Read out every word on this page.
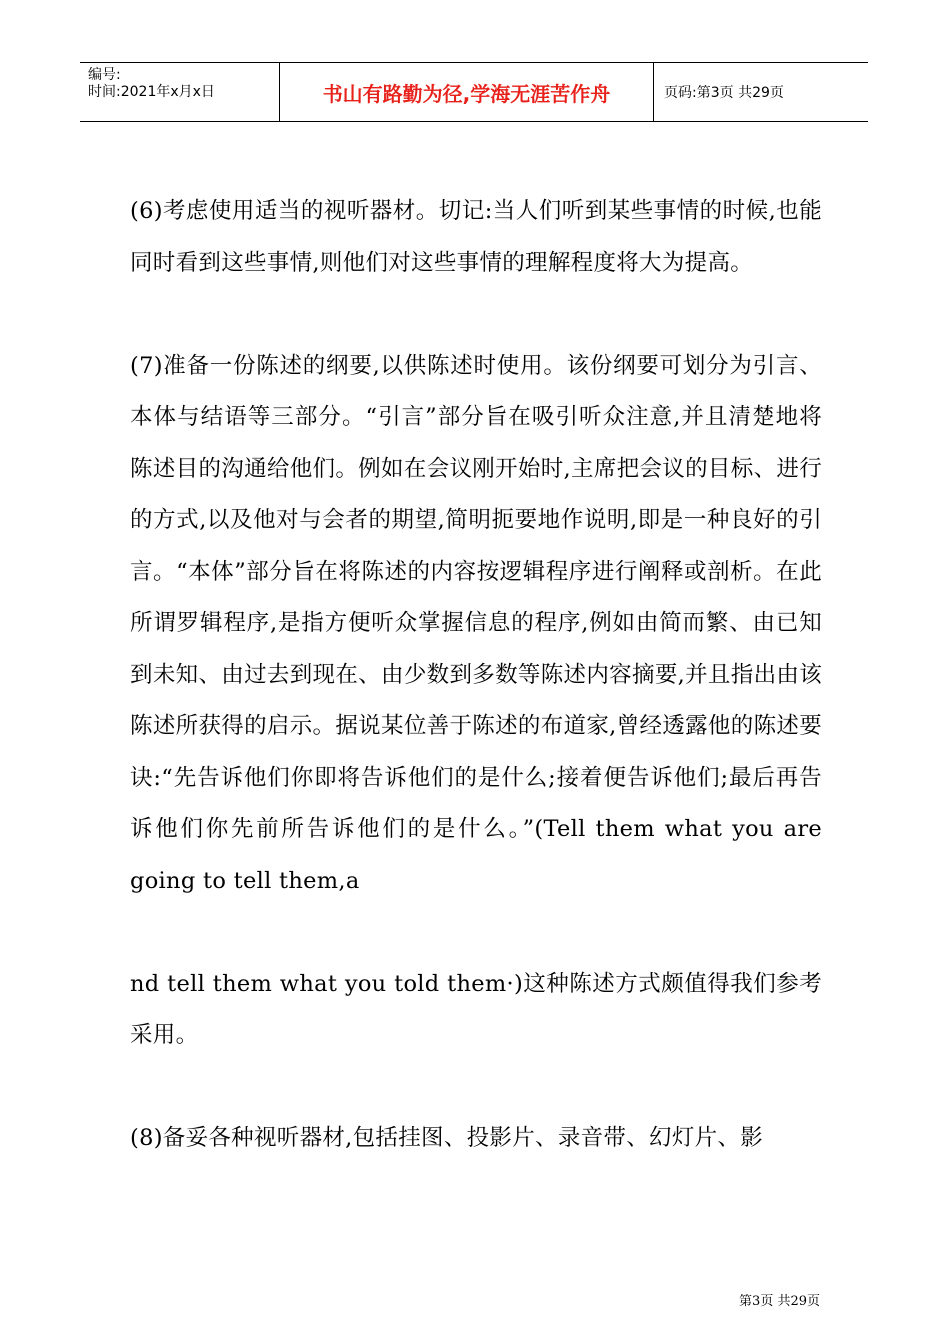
编号:
时间:2021年x月x日	书山有路勤为径,学海无涯苦作舟	页码:第3页 共29页

(6)考虑使用适当的视听器材。切记:当人们听到某些事情的时候,也能同时看到这些事情,则他们对这些事情的理解程度将大为提高。

(7)准备一份陈述的纲要,以供陈述时使用。该份纲要可划分为引言、本体与结语等三部分。“引言”部分旨在吸引听众注意,并且清楚地将陈述目的沟通给他们。例如在会议刚开始时,主席把会议的目标、进行的方式,以及他对与会者的期望,简明扼要地作说明,即是一种良好的引言。“本体”部分旨在将陈述的内容按逻辑程序进行阐释或剖析。在此所谓罗辑程序,是指方便听众掌握信息的程序,例如由简而繁、由已知到未知、由过去到现在、由少数到多数等陈述内容摘要,并且指出由该陈述所获得的启示。据说某位善于陈述的布道家,曾经透露他的陈述要诀:“先告诉他们你即将告诉他们的是什么;接着便告诉他们;最后再告诉他们你先前所告诉他们的是什么。”(Tell them what you are going to tell them,a

nd tell them what you told them·)这种陈述方式颇值得我们参考采用。

(8)备妥各种视听器材,包括挂图、投影片、录音带、幻灯片、影

第3页 共29页
